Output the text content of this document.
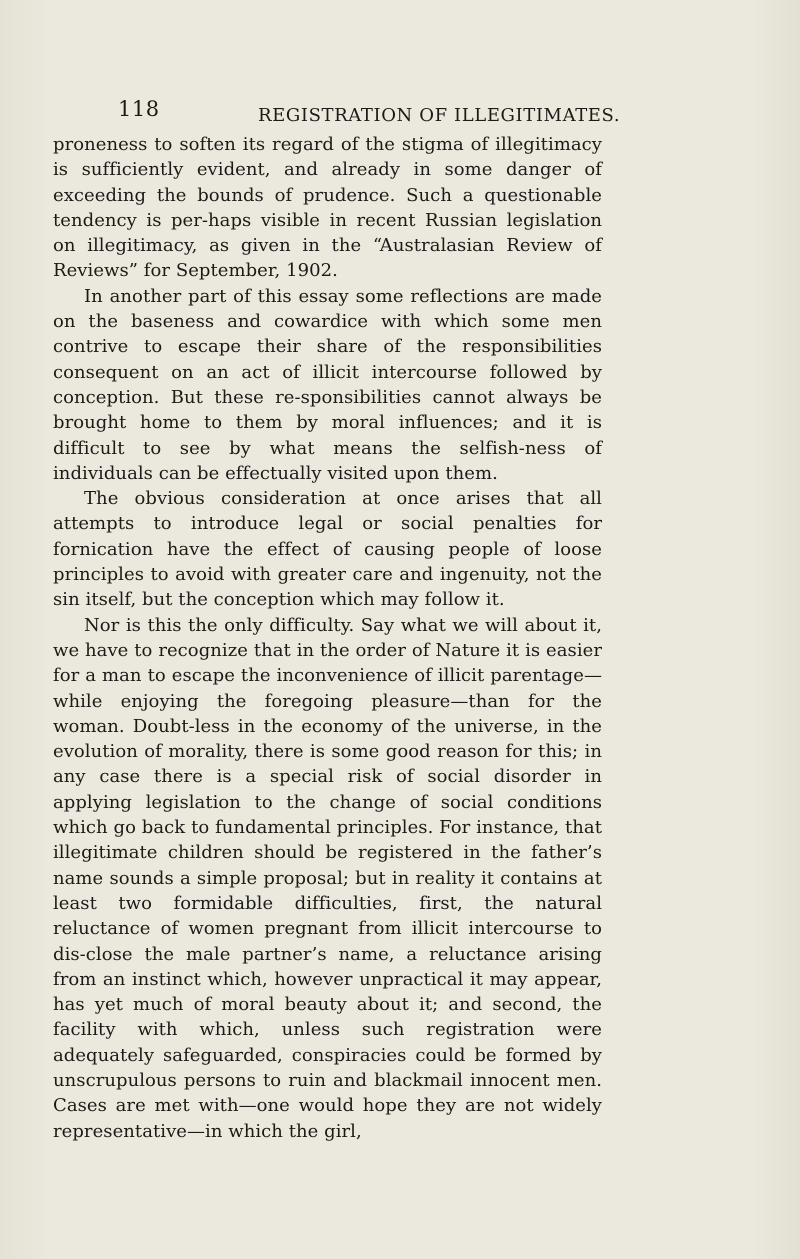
118	REGISTRATION OF ILLEGITIMATES.

proneness to soften its regard of the stigma of illegitimacy is sufficiently evident, and already in some danger of exceeding the bounds of prudence. Such a questionable tendency is per-haps visible in recent Russian legislation on illegitimacy, as given in the “Australasian Review of Reviews” for September, 1902.

In another part of this essay some reflections are made on the baseness and cowardice with which some men contrive to escape their share of the responsibilities consequent on an act of illicit intercourse followed by conception. But these re-sponsibilities cannot always be brought home to them by moral influences; and it is difficult to see by what means the selfish-ness of individuals can be effectually visited upon them.

The obvious consideration at once arises that all attempts to introduce legal or social penalties for fornication have the effect of causing people of loose principles to avoid with greater care and ingenuity, not the sin itself, but the conception which may follow it.

Nor is this the only difficulty. Say what we will about it, we have to recognize that in the order of Nature it is easier for a man to escape the inconvenience of illicit parentage—while enjoying the foregoing pleasure—than for the woman. Doubt-less in the economy of the universe, in the evolution of morality, there is some good reason for this; in any case there is a special risk of social disorder in applying legislation to the change of social conditions which go back to fundamental principles. For instance, that illegitimate children should be registered in the father’s name sounds a simple proposal; but in reality it contains at least two formidable difficulties, first, the natural reluctance of women pregnant from illicit intercourse to dis-close the male partner’s name, a reluctance arising from an instinct which, however unpractical it may appear, has yet much of moral beauty about it; and second, the facility with which, unless such registration were adequately safeguarded, conspiracies could be formed by unscrupulous persons to ruin and blackmail innocent men. Cases are met with—one would hope they are not widely representative—in which the girl,
